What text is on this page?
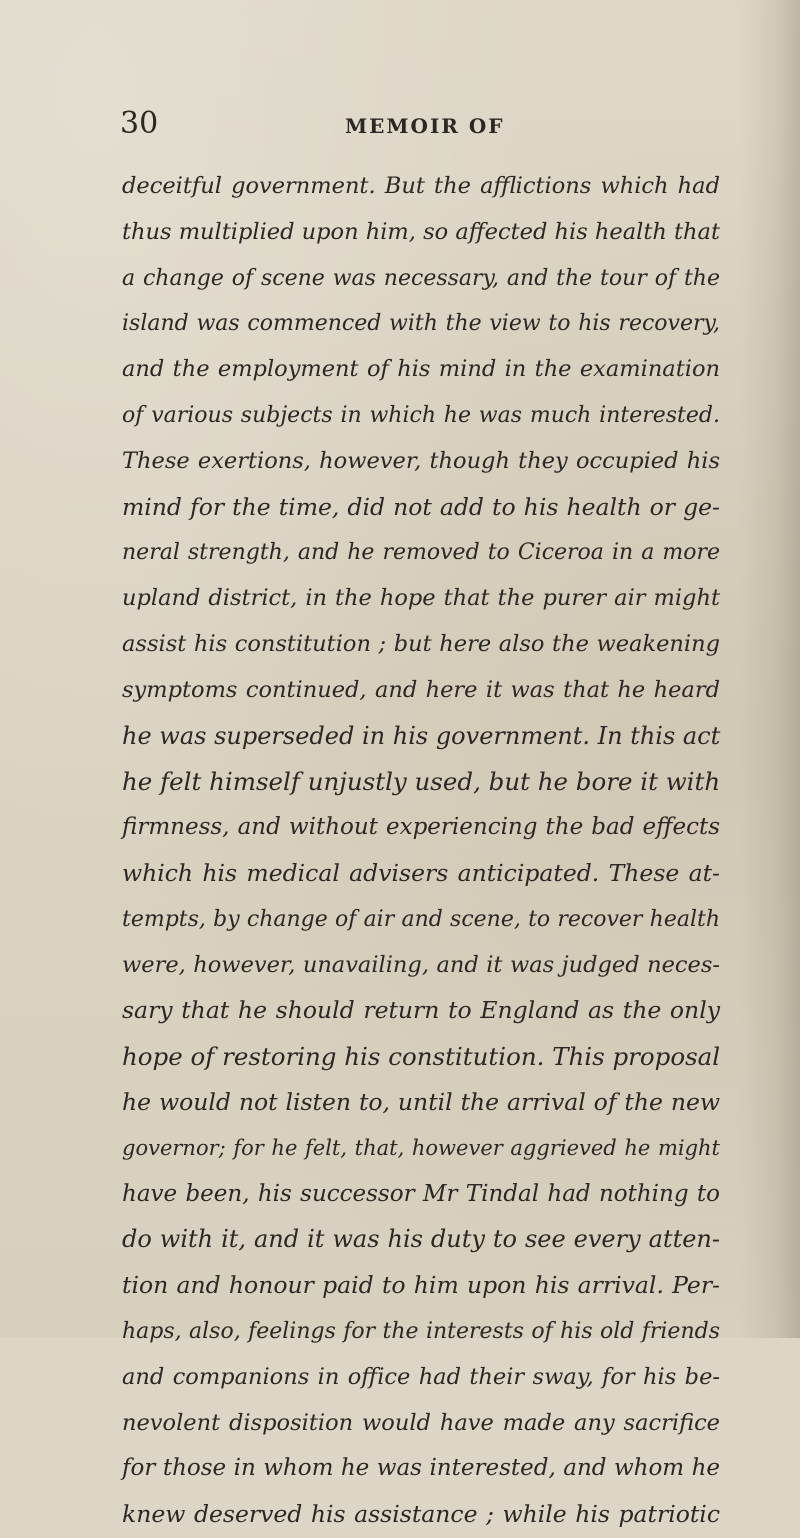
30	MEMOIR OF

deceitful government. But the afflictions which had
thus multiplied upon him, so affected his health that
a change of scene was necessary, and the tour of the
island was commenced with the view to his recovery,
and the employment of his mind in the examination
of various subjects in which he was much interested.
These exertions, however, though they occupied his
mind for the time, did not add to his health or ge-
neral strength, and he removed to Ciceroa in a more
upland district, in the hope that the purer air might
assist his constitution ; but here also the weakening
symptoms continued, and here it was that he heard
he was superseded in his government. In this act
he felt himself unjustly used, but he bore it with
firmness, and without experiencing the bad effects
which his medical advisers anticipated. These at-
tempts, by change of air and scene, to recover health
were, however, unavailing, and it was judged neces-
sary that he should return to England as the only
hope of restoring his constitution. This proposal
he would not listen to, until the arrival of the new
governor; for he felt, that, however aggrieved he might
have been, his successor Mr Tindal had nothing to
do with it, and it was his duty to see every atten-
tion and honour paid to him upon his arrival. Per-
haps, also, feelings for the interests of his old friends
and companions in office had their sway, for his be-
nevolent disposition would have made any sacrifice
for those in whom he was interested, and whom he
knew deserved his assistance ; while his patriotic
